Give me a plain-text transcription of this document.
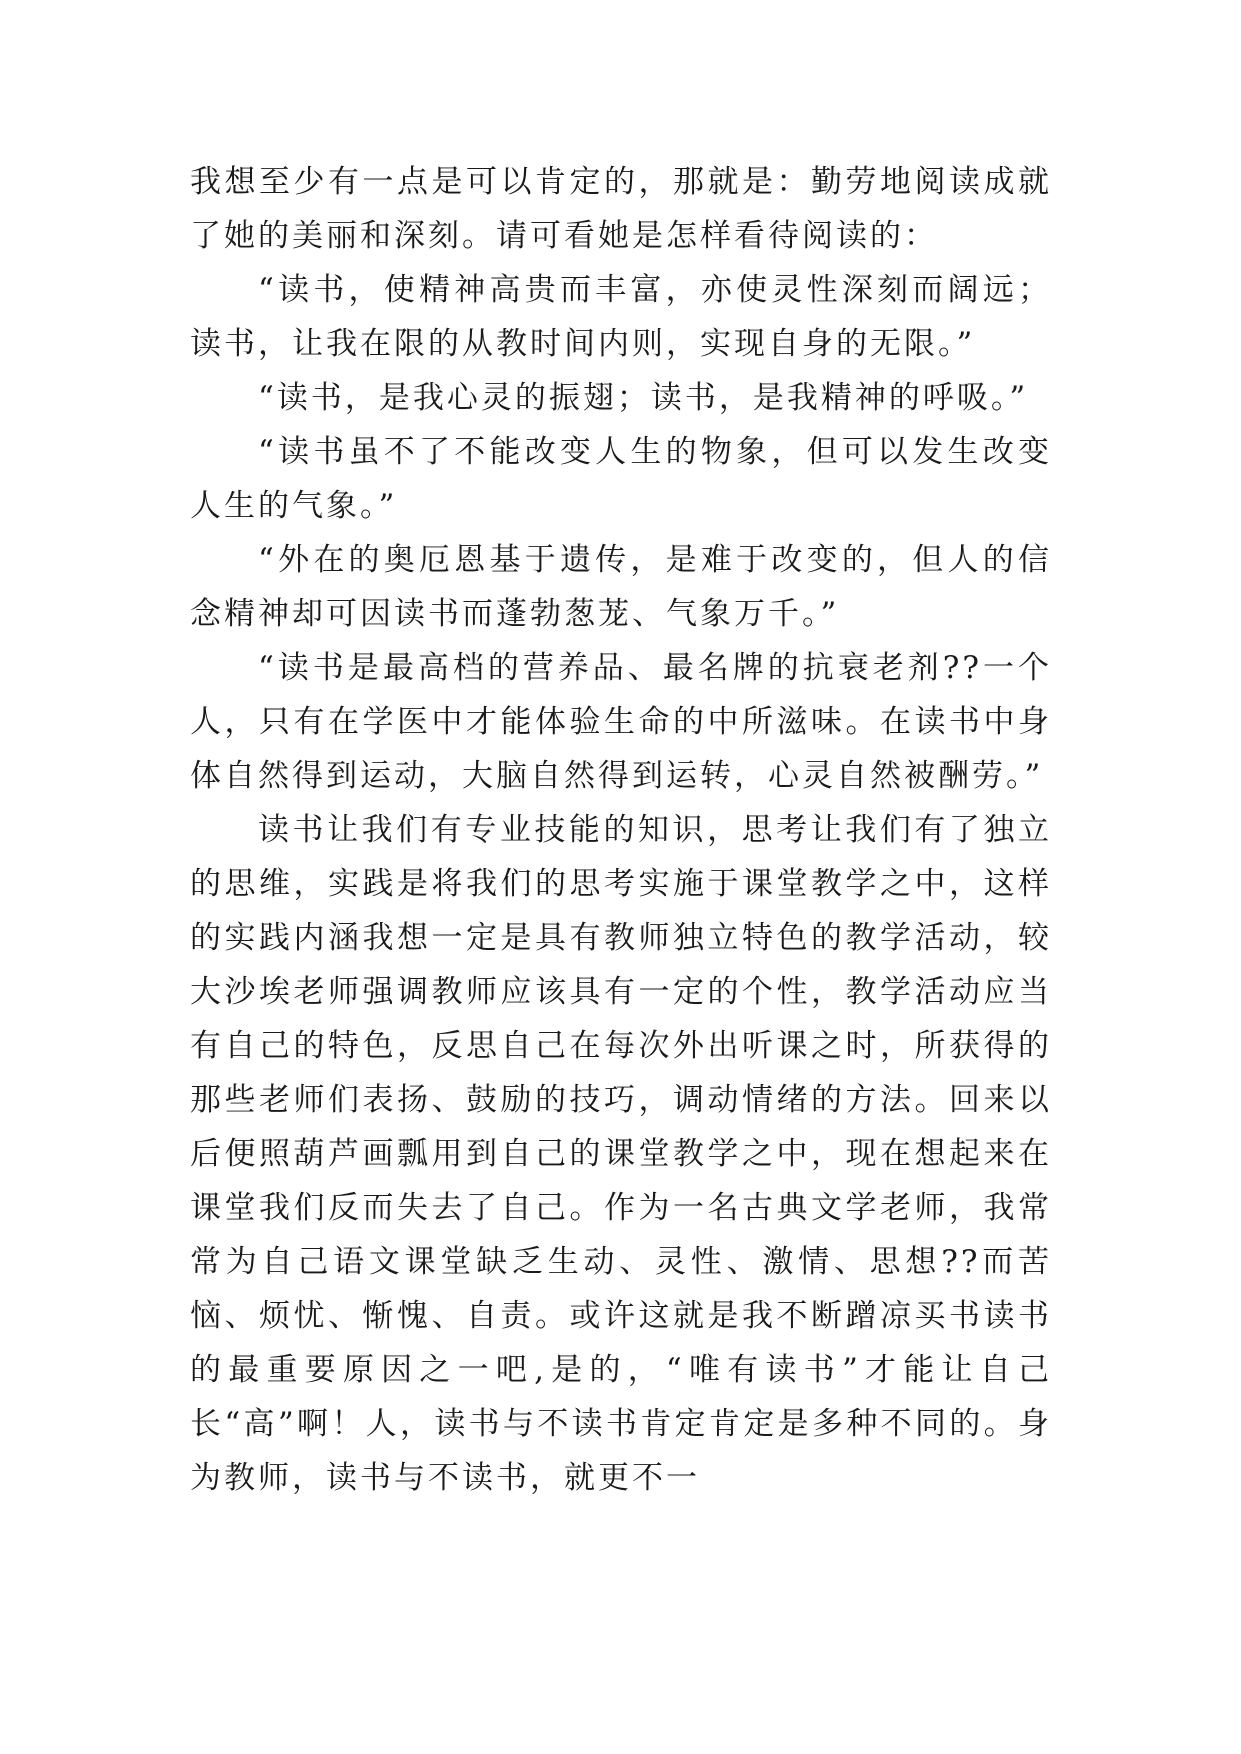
我想至少有一点是可以肯定的，那就是：勤劳地阅读成就了她的美丽和深刻。请可看她是怎样看待阅读的：

“读书，使精神高贵而丰富，亦使灵性深刻而阔远；读书，让我在限的从教时间内则，实现自身的无限。”

“读书，是我心灵的振翅；读书，是我精神的呼吸。”

“读书虽不了不能改变人生的物象，但可以发生改变人生的气象。”

“外在的奥厄恩基于遗传，是难于改变的，但人的信念精神却可因读书而蓬勃葱茏、气象万千。”

“读书是最高档的营养品、最名牌的抗衰老剂??一个人，只有在学医中才能体验生命的中所滋味。在读书中身体自然得到运动，大脑自然得到运转，心灵自然被酬劳。”

读书让我们有专业技能的知识，思考让我们有了独立的思维，实践是将我们的思考实施于课堂教学之中，这样的实践内涵我想一定是具有教师独立特色的教学活动，较大沙埃老师强调教师应该具有一定的个性，教学活动应当有自己的特色，反思自己在每次外出听课之时，所获得的那些老师们表扬、鼓励的技巧，调动情绪的方法。回来以后便照葫芦画瓢用到自己的课堂教学之中，现在想起来在课堂我们反而失去了自己。作为一名古典文学老师，我常常为自己语文课堂缺乏生动、灵性、激情、思想??而苦恼、烦忧、惭愧、自责。或许这就是我不断蹭凉买书读书的最重要原因之一吧,是的，“唯有读书”才能让自己长“高”啊！人，读书与不读书肯定肯定是多种不同的。身为教师，读书与不读书，就更不一
